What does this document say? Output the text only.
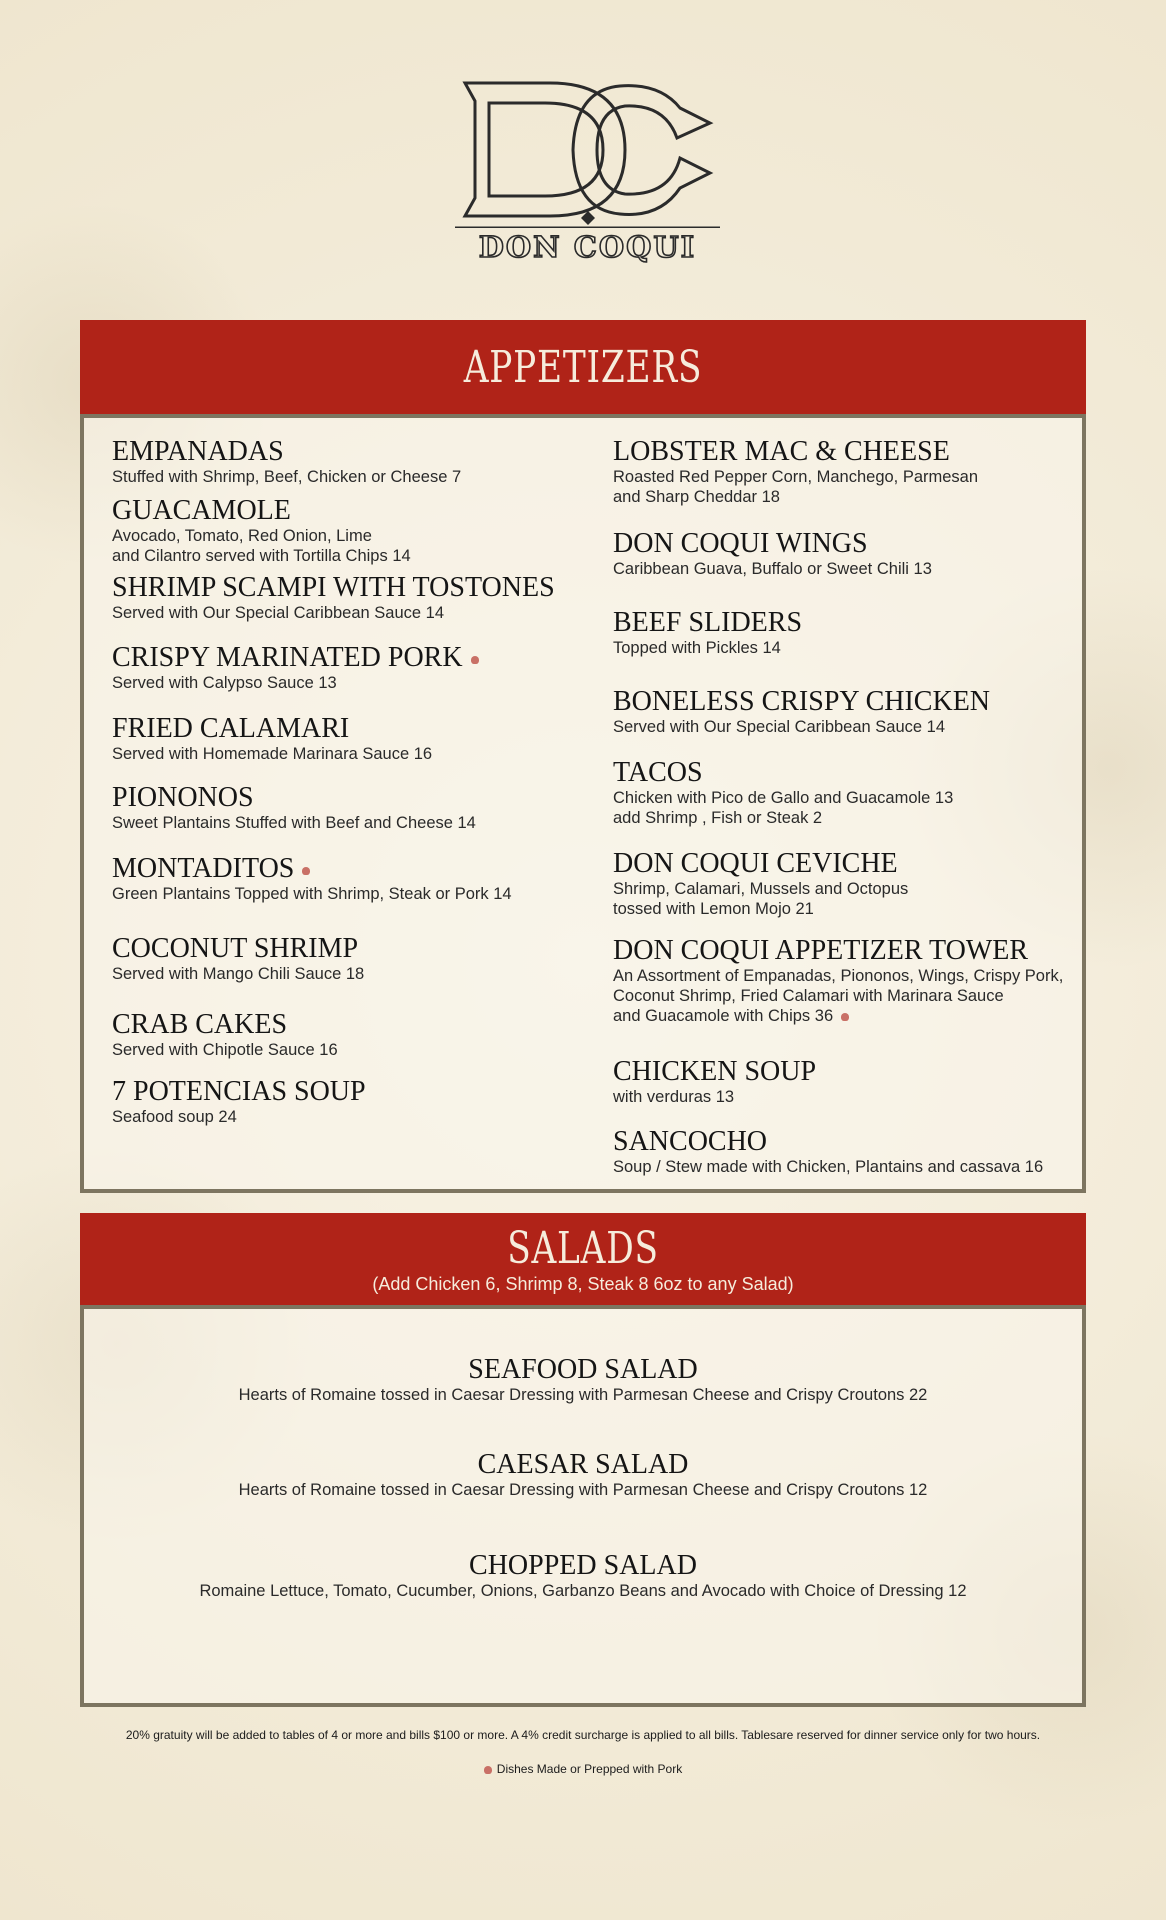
DON COQUI
APPETIZERS
EMPANADAS
Stuffed with Shrimp, Beef, Chicken or Cheese 7
GUACAMOLE
Avocado, Tomato, Red Onion, Lime
and Cilantro served with Tortilla Chips 14
SHRIMP SCAMPI WITH TOSTONES
Served with Our Special Caribbean Sauce 14
CRISPY MARINATED PORK
Served with Calypso Sauce 13
FRIED CALAMARI
Served with Homemade Marinara Sauce 16
PIONONOS
Sweet Plantains Stuffed with Beef and Cheese 14
MONTADITOS
Green Plantains Topped with Shrimp, Steak or Pork 14
COCONUT SHRIMP
Served with Mango Chili Sauce 18
CRAB CAKES
Served with Chipotle Sauce 16
7 POTENCIAS SOUP
Seafood soup 24
LOBSTER MAC & CHEESE
Roasted Red Pepper Corn, Manchego, Parmesan
and Sharp Cheddar 18
DON COQUI WINGS
Caribbean Guava, Buffalo or Sweet Chili 13
BEEF SLIDERS
Topped with Pickles 14
BONELESS CRISPY CHICKEN
Served with Our Special Caribbean Sauce 14
TACOS
Chicken with Pico de Gallo and Guacamole 13
add Shrimp , Fish or Steak 2
DON COQUI CEVICHE
Shrimp, Calamari, Mussels and Octopus
tossed with Lemon Mojo 21
DON COQUI APPETIZER TOWER
An Assortment of Empanadas, Piononos, Wings, Crispy Pork,
Coconut Shrimp, Fried Calamari with Marinara Sauce
and Guacamole with Chips 36
CHICKEN SOUP
with verduras 13
SANCOCHO
Soup / Stew made with Chicken, Plantains and cassava 16
SALADS
(Add Chicken 6, Shrimp 8, Steak 8 6oz to any Salad)
SEAFOOD SALAD
Hearts of Romaine tossed in Caesar Dressing with Parmesan Cheese and Crispy Croutons 22
CAESAR SALAD
Hearts of Romaine tossed in Caesar Dressing with Parmesan Cheese and Crispy Croutons 12
CHOPPED SALAD
Romaine Lettuce, Tomato, Cucumber, Onions, Garbanzo Beans and Avocado with Choice of Dressing 12
20% gratuity will be added to tables of 4 or more and bills $100 or more. A 4% credit surcharge is applied to all bills. Tablesare reserved for dinner service only for two hours.
Dishes Made or Prepped with Pork
